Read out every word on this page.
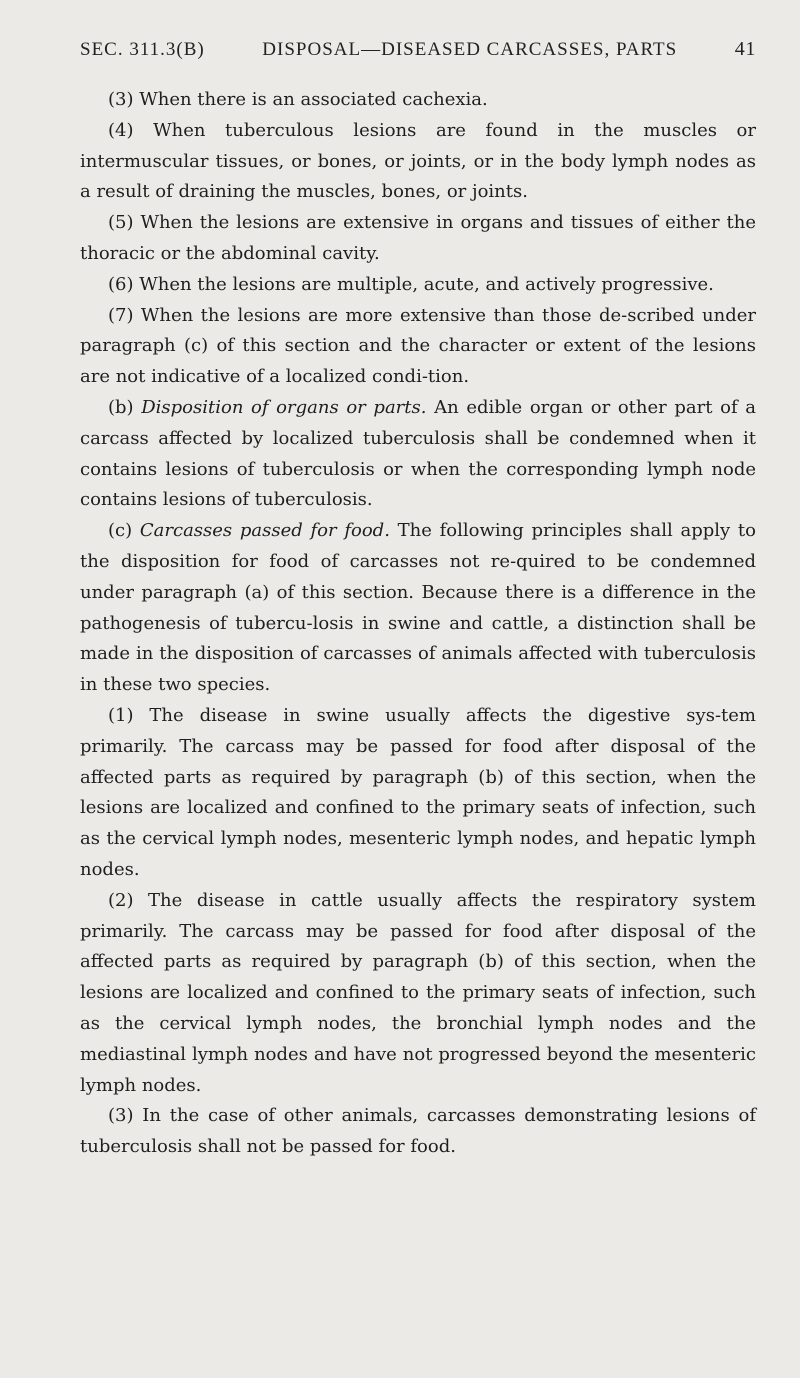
SEC. 311.3(B)	DISPOSAL—DISEASED CARCASSES, PARTS	41

(3) When there is an associated cachexia.

(4) When tuberculous lesions are found in the muscles or intermuscular tissues, or bones, or joints, or in the body lymph nodes as a result of draining the muscles, bones, or joints.

(5) When the lesions are extensive in organs and tissues of either the thoracic or the abdominal cavity.

(6) When the lesions are multiple, acute, and actively progressive.

(7) When the lesions are more extensive than those de-scribed under paragraph (c) of this section and the character or extent of the lesions are not indicative of a localized condi-tion.

(b) Disposition of organs or parts. An edible organ or other part of a carcass affected by localized tuberculosis shall be condemned when it contains lesions of tuberculosis or when the corresponding lymph node contains lesions of tuberculosis.

(c) Carcasses passed for food. The following principles shall apply to the disposition for food of carcasses not re-quired to be condemned under paragraph (a) of this section. Because there is a difference in the pathogenesis of tubercu-losis in swine and cattle, a distinction shall be made in the disposition of carcasses of animals affected with tuberculosis in these two species.

(1) The disease in swine usually affects the digestive sys-tem primarily. The carcass may be passed for food after disposal of the affected parts as required by paragraph (b) of this section, when the lesions are localized and confined to the primary seats of infection, such as the cervical lymph nodes, mesenteric lymph nodes, and hepatic lymph nodes.

(2) The disease in cattle usually affects the respiratory system primarily. The carcass may be passed for food after disposal of the affected parts as required by paragraph (b) of this section, when the lesions are localized and confined to the primary seats of infection, such as the cervical lymph nodes, the bronchial lymph nodes and the mediastinal lymph nodes and have not progressed beyond the mesenteric lymph nodes.

(3) In the case of other animals, carcasses demonstrating lesions of tuberculosis shall not be passed for food.
